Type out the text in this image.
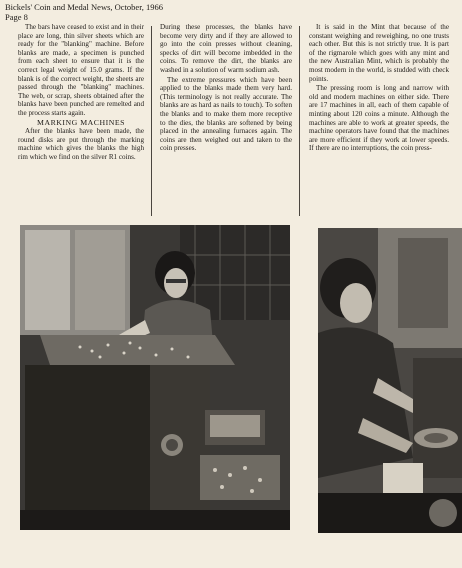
Bickels' Coin and Medal News, October, 1966
Page 8

The bars have ceased to exist and in their place are long, thin silver sheets which are ready for the "blanking" machine. Before blanks are made, a specimen is punched from each sheet to ensure that it is the correct legal weight of 15.0 grams. If the blank is of the correct weight, the sheets are passed through the "blanking" machines. The web, or scrap, sheets obtained after the blanks have been punched are remelted and the process starts again.

MARKING MACHINES

After the blanks have been made, the round disks are put through the marking machine which gives the blanks the high rim which we find on the silver R1 coins.

During these processes, the blanks have become very dirty and if they are allowed to go into the coin presses without cleaning, specks of dirt will become imbedded in the coins. To remove the dirt, the blanks are washed in a solution of warm sodium ash.

The extreme pressures which have been applied to the blanks made them very hard. (This terminology is not really accurate. The blanks are as hard as nails to touch). To soften the blanks and to make them more receptive to the dies, the blanks are softened by being placed in the annealing furnaces again. The coins are then weighed out and taken to the coin presses.

It is said in the Mint that because of the constant weighing and reweighing, no one trusts each other. But this is not strictly true. It is part of the rigmarole which goes with any mint and the new Australian Mint, which is probably the most modern in the world, is studded with check points.

The pressing room is long and narrow with old and modern machines on either side. There are 17 machines in all, each of them capable of minting about 120 coins a minute. Although the machines are able to work at greater speeds, the machine operators have found that the machines are more efficient if they work at lower speeds. If there are no interruptions, the coin press-
